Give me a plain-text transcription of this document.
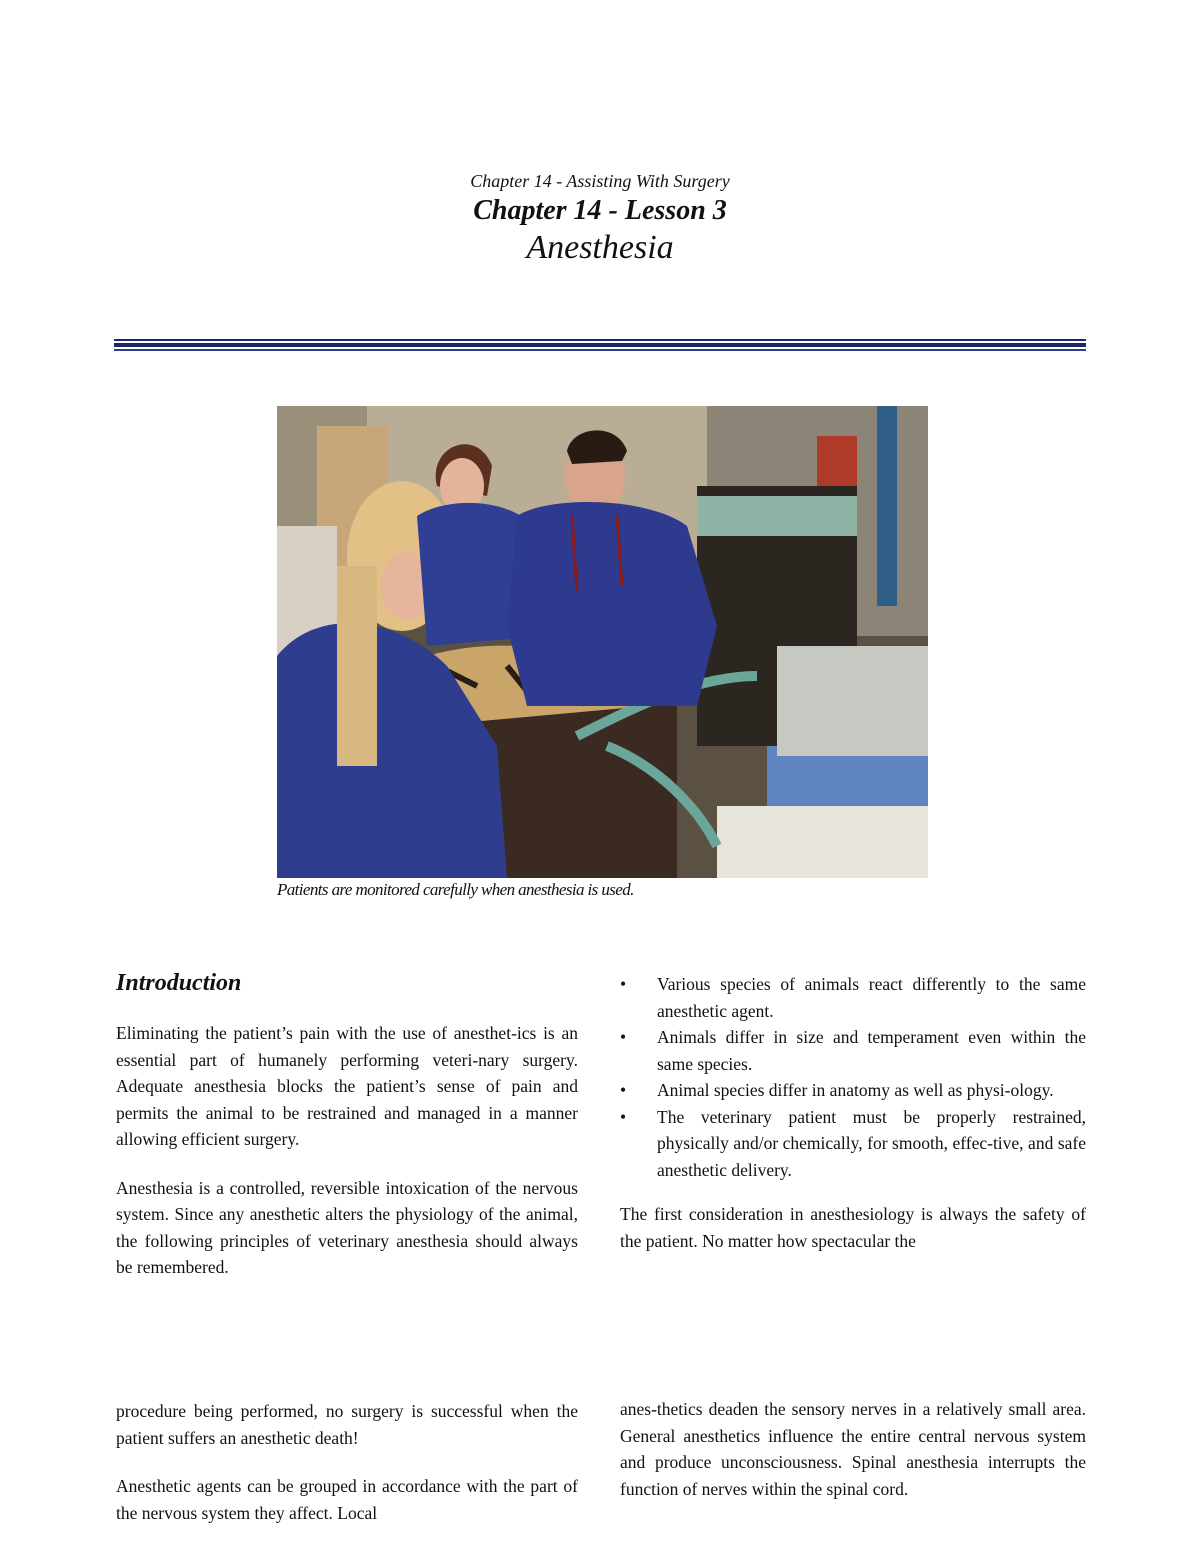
Chapter 14 - Assisting With Surgery
Chapter 14 - Lesson 3
Anesthesia
Patients are monitored carefully when anesthesia is used.
Introduction

Eliminating the patient’s pain with the use of anesthet-ics is an essential part of humanely performing veteri-nary surgery. Adequate anesthesia blocks the patient’s sense of pain and permits the animal to be restrained and managed in a manner allowing efficient surgery.

Anesthesia is a controlled, reversible intoxication of the nervous system. Since any anesthetic alters the physiology of the animal, the following principles of veterinary anesthesia should always be remembered.

• Various species of animals react differently to the same anesthetic agent.
• Animals differ in size and temperament even within the same species.
• Animal species differ in anatomy as well as physi-ology.
• The veterinary patient must be properly restrained, physically and/or chemically, for smooth, effec-tive, and safe anesthetic delivery.

The first consideration in anesthesiology is always the safety of the patient. No matter how spectacular the

procedure being performed, no surgery is successful when the patient suffers an anesthetic death!

Anesthetic agents can be grouped in accordance with the part of the nervous system they affect. Local

anes-thetics deaden the sensory nerves in a relatively small area. General anesthetics influence the entire central nervous system and produce unconsciousness. Spinal anesthesia interrupts the function of nerves within the spinal cord.
